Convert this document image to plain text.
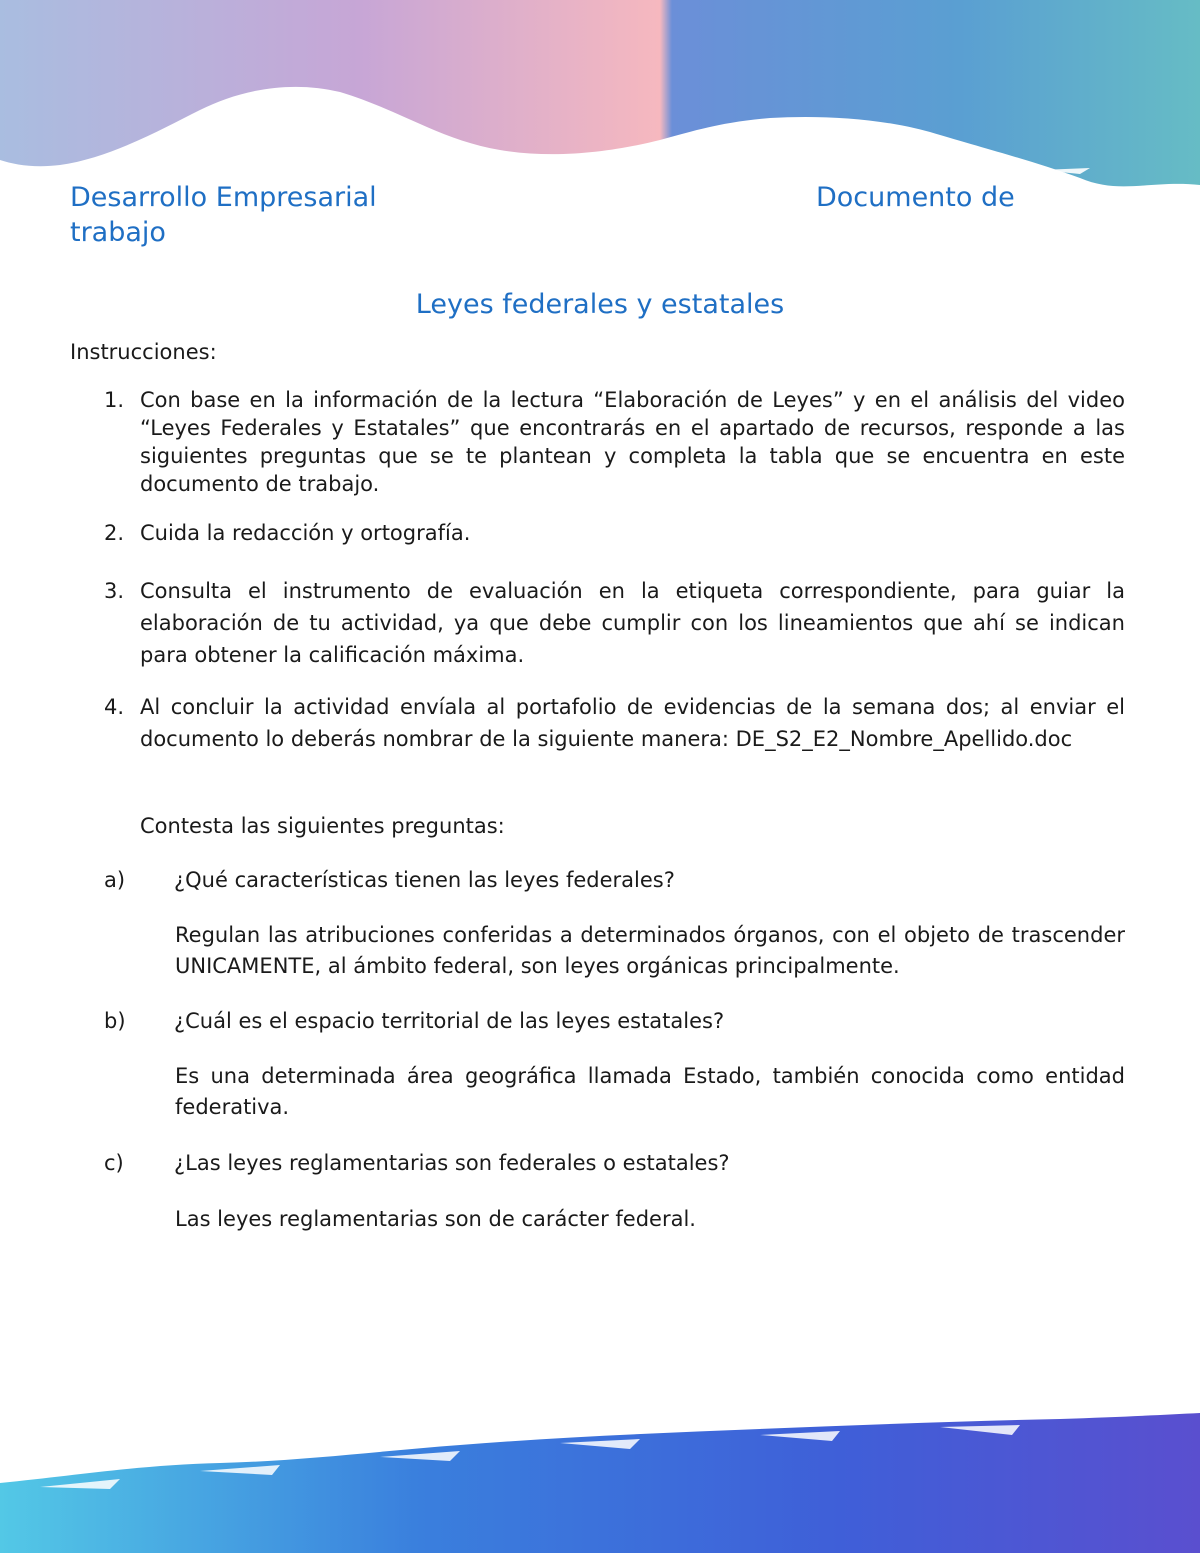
Desarrollo Empresarial	Documento de
trabajo
Leyes federales y estatales
Instrucciones:
1. Con base en la información de la lectura “Elaboración de Leyes” y en el análisis del video “Leyes Federales y Estatales” que encontrarás en el apartado de recursos, responde a las siguientes preguntas que se te plantean y completa la tabla que se encuentra en este documento de trabajo.
2. Cuida la redacción y ortografía.
3. Consulta el instrumento de evaluación en la etiqueta correspondiente, para guiar la elaboración de tu actividad, ya que debe cumplir con los lineamientos que ahí se indican para obtener la calificación máxima.
4. Al concluir la actividad envíala al portafolio de evidencias de la semana dos; al enviar el documento lo deberás nombrar de la siguiente manera: DE_S2_E2_Nombre_Apellido.doc
Contesta las siguientes preguntas:
a) ¿Qué características tienen las leyes federales?
Regulan las atribuciones conferidas a determinados órganos, con el objeto de trascender UNICAMENTE, al ámbito federal, son leyes orgánicas principalmente.
b) ¿Cuál es el espacio territorial de las leyes estatales?
Es una determinada área geográfica llamada Estado, también conocida como entidad federativa.
c) ¿Las leyes reglamentarias son federales o estatales?
Las leyes reglamentarias son de carácter federal.
